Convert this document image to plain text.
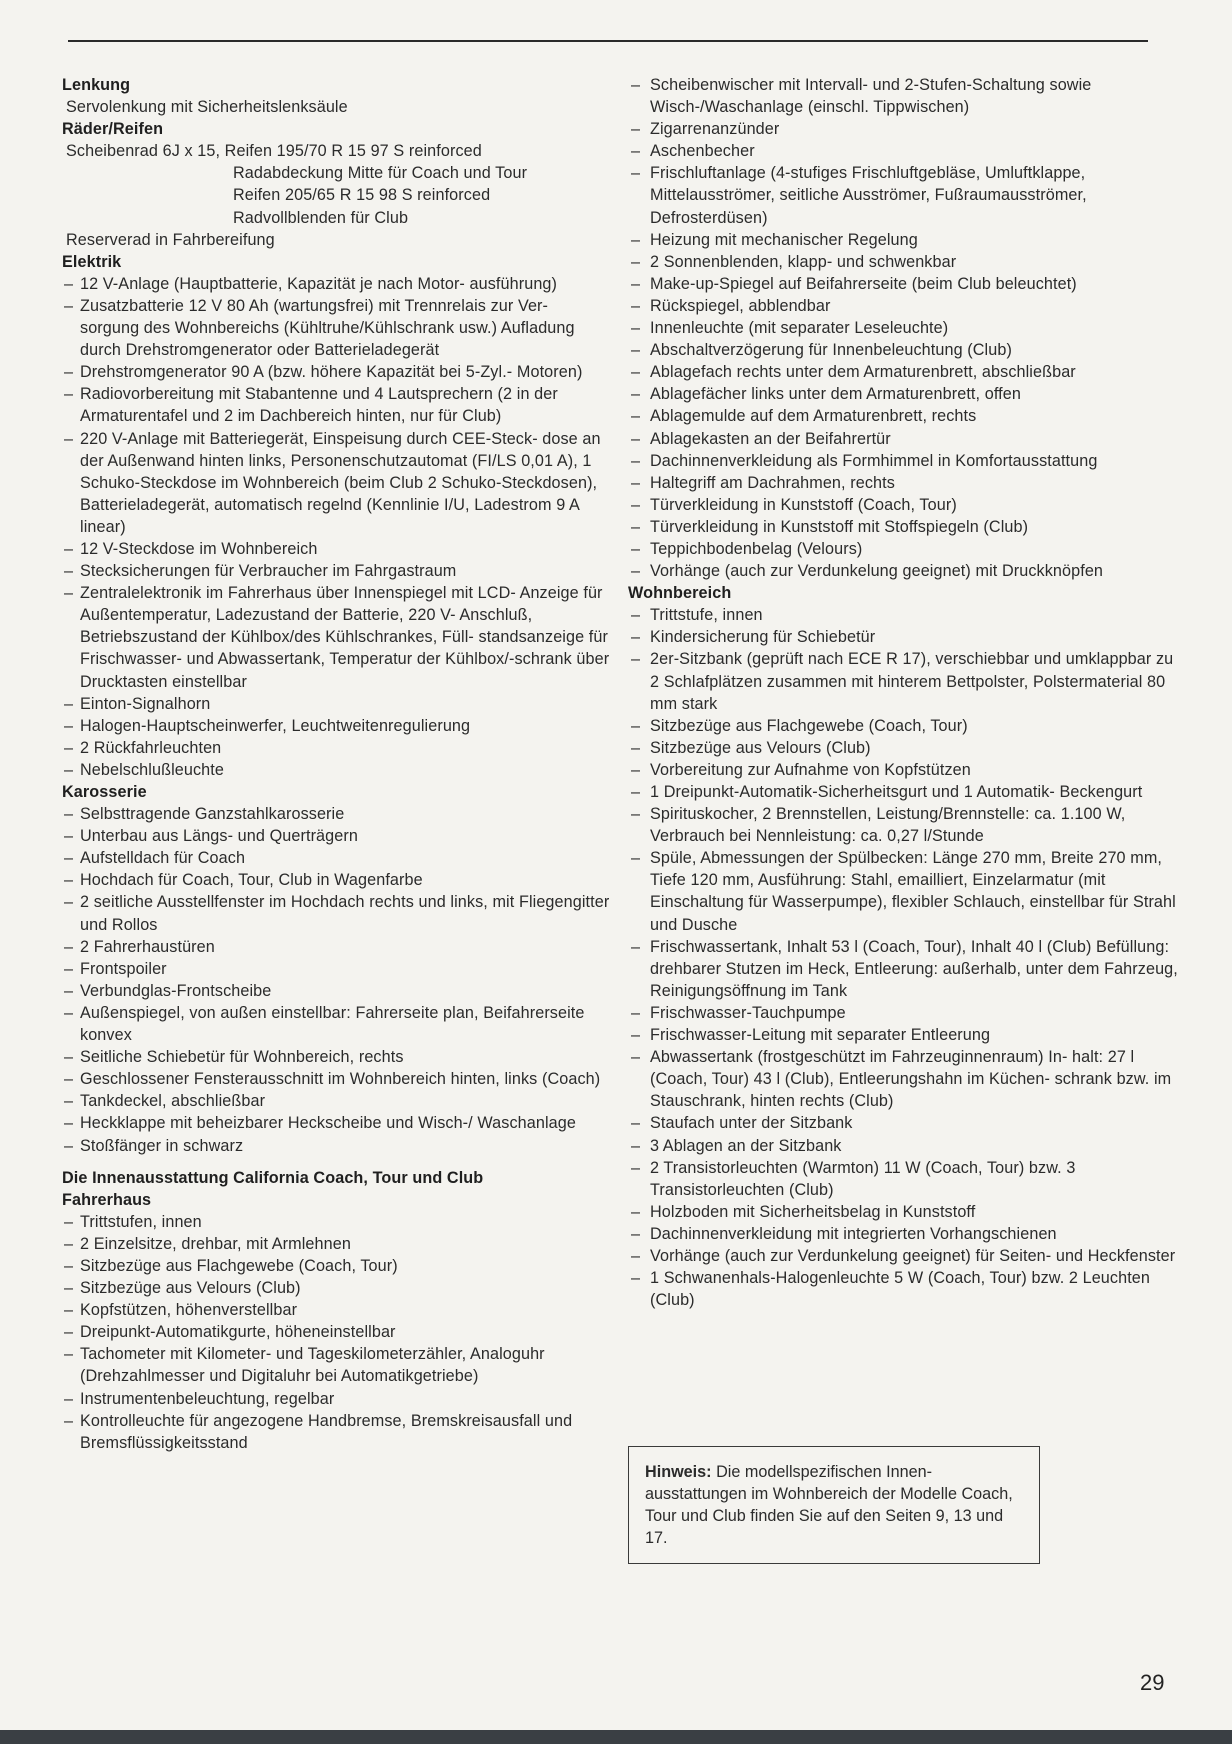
Lenkung
Servolenkung mit Sicherheitslenksäule
Räder/Reifen
Scheibenrad 6J x 15, Reifen 195/70 R 15 97 S reinforced
Radabdeckung Mitte für Coach und Tour
Reifen 205/65 R 15 98 S reinforced
Radvollblenden für Club
Reserverad in Fahrbereifung
Elektrik
– 12 V-Anlage (Hauptbatterie, Kapazität je nach Motor- ausführung)
– Zusatzbatterie 12 V 80 Ah (wartungsfrei) mit Trennrelais zur Ver- sorgung des Wohnbereichs (Kühltruhe/Kühlschrank usw.) Aufladung durch Drehstromgenerator oder Batterieladegerät
– Drehstromgenerator 90 A (bzw. höhere Kapazität bei 5-Zyl.- Motoren)
– Radiovorbereitung mit Stabantenne und 4 Lautsprechern (2 in der Armaturentafel und 2 im Dachbereich hinten, nur für Club)
– 220 V-Anlage mit Batteriegerät, Einspeisung durch CEE-Steck- dose an der Außenwand hinten links, Personenschutzautomat (FI/LS 0,01 A), 1 Schuko-Steckdose im Wohnbereich (beim Club 2 Schuko-Steckdosen), Batterieladegerät, automatisch regelnd (Kennlinie I/U, Ladestrom 9 A linear)
– 12 V-Steckdose im Wohnbereich
– Stecksicherungen für Verbraucher im Fahrgastraum
– Zentralelektronik im Fahrerhaus über Innenspiegel mit LCD- Anzeige für Außentemperatur, Ladezustand der Batterie, 220 V- Anschluß, Betriebszustand der Kühlbox/des Kühlschrankes, Füll- standsanzeige für Frischwasser- und Abwassertank, Temperatur der Kühlbox/-schrank über Drucktasten einstellbar
– Einton-Signalhorn
– Halogen-Hauptscheinwerfer, Leuchtweitenregulierung
– 2 Rückfahrleuchten
– Nebelschlußleuchte
Karosserie
– Selbsttragende Ganzstahlkarosserie
– Unterbau aus Längs- und Querträgern
– Aufstelldach für Coach
– Hochdach für Coach, Tour, Club in Wagenfarbe
– 2 seitliche Ausstellfenster im Hochdach rechts und links, mit Fliegengitter und Rollos
– 2 Fahrerhaustüren
– Frontspoiler
– Verbundglas-Frontscheibe
– Außenspiegel, von außen einstellbar: Fahrerseite plan, Beifahrerseite konvex
– Seitliche Schiebetür für Wohnbereich, rechts
– Geschlossener Fensterausschnitt im Wohnbereich hinten, links (Coach)
– Tankdeckel, abschließbar
– Heckklappe mit beheizbarer Heckscheibe und Wisch-/ Waschanlage
– Stoßfänger in schwarz
Die Innenausstattung California Coach, Tour und Club
Fahrerhaus
– Trittstufen, innen
– 2 Einzelsitze, drehbar, mit Armlehnen
– Sitzbezüge aus Flachgewebe (Coach, Tour)
– Sitzbezüge aus Velours (Club)
– Kopfstützen, höhenverstellbar
– Dreipunkt-Automatikgurte, höheneinstellbar
– Tachometer mit Kilometer- und Tageskilometerzähler, Analoguhr (Drehzahlmesser und Digitaluhr bei Automatikgetriebe)
– Instrumentenbeleuchtung, regelbar
– Kontrolleuchte für angezogene Handbremse, Bremskreisausfall und Bremsflüssigkeitsstand
– Scheibenwischer mit Intervall- und 2-Stufen-Schaltung sowie Wisch-/Waschanlage (einschl. Tippwischen)
– Zigarrenanzünder
– Aschenbecher
– Frischluftanlage (4-stufiges Frischluftgebläse, Umluftklappe, Mittelausströmer, seitliche Ausströmer, Fußraumausströmer, Defrosterdüsen)
– Heizung mit mechanischer Regelung
– 2 Sonnenblenden, klapp- und schwenkbar
– Make-up-Spiegel auf Beifahrerseite (beim Club beleuchtet)
– Rückspiegel, abblendbar
– Innenleuchte (mit separater Leseleuchte)
– Abschaltverzögerung für Innenbeleuchtung (Club)
– Ablagefach rechts unter dem Armaturenbrett, abschließbar
– Ablagefächer links unter dem Armaturenbrett, offen
– Ablagemulde auf dem Armaturenbrett, rechts
– Ablagekasten an der Beifahrertür
– Dachinnenverkleidung als Formhimmel in Komfortausstattung
– Haltegriff am Dachrahmen, rechts
– Türverkleidung in Kunststoff (Coach, Tour)
– Türverkleidung in Kunststoff mit Stoffspiegeln (Club)
– Teppichbodenbelag (Velours)
– Vorhänge (auch zur Verdunkelung geeignet) mit Druckknöpfen
Wohnbereich
– Trittstufe, innen
– Kindersicherung für Schiebetür
– 2er-Sitzbank (geprüft nach ECE R 17), verschiebbar und umklappbar zu 2 Schlafplätzen zusammen mit hinterem Bettpolster, Polstermaterial 80 mm stark
– Sitzbezüge aus Flachgewebe (Coach, Tour)
– Sitzbezüge aus Velours (Club)
– Vorbereitung zur Aufnahme von Kopfstützen
– 1 Dreipunkt-Automatik-Sicherheitsgurt und 1 Automatik- Beckengurt
– Spirituskocher, 2 Brennstellen, Leistung/Brennstelle: ca. 1.100 W, Verbrauch bei Nennleistung: ca. 0,27 l/Stunde
– Spüle, Abmessungen der Spülbecken: Länge 270 mm, Breite 270 mm, Tiefe 120 mm, Ausführung: Stahl, emailliert, Einzelarmatur (mit Einschaltung für Wasserpumpe), flexibler Schlauch, einstellbar für Strahl und Dusche
– Frischwassertank, Inhalt 53 l (Coach, Tour), Inhalt 40 l (Club) Befüllung: drehbarer Stutzen im Heck, Entleerung: außerhalb, unter dem Fahrzeug, Reinigungsöffnung im Tank
– Frischwasser-Tauchpumpe
– Frischwasser-Leitung mit separater Entleerung
– Abwassertank (frostgeschützt im Fahrzeuginnenraum) In- halt: 27 l (Coach, Tour) 43 l (Club), Entleerungshahn im Küchen- schrank bzw. im Stauschrank, hinten rechts (Club)
– Staufach unter der Sitzbank
– 3 Ablagen an der Sitzbank
– 2 Transistorleuchten (Warmton) 11 W (Coach, Tour) bzw. 3 Transistorleuchten (Club)
– Holzboden mit Sicherheitsbelag in Kunststoff
– Dachinnenverkleidung mit integrierten Vorhangschienen
– Vorhänge (auch zur Verdunkelung geeignet) für Seiten- und Heckfenster
– 1 Schwanenhals-Halogenleuchte 5 W (Coach, Tour) bzw. 2 Leuchten (Club)
Hinweis: Die modellspezifischen Innen- ausstattungen im Wohnbereich der Modelle Coach, Tour und Club finden Sie auf den Seiten 9, 13 und 17.
29
